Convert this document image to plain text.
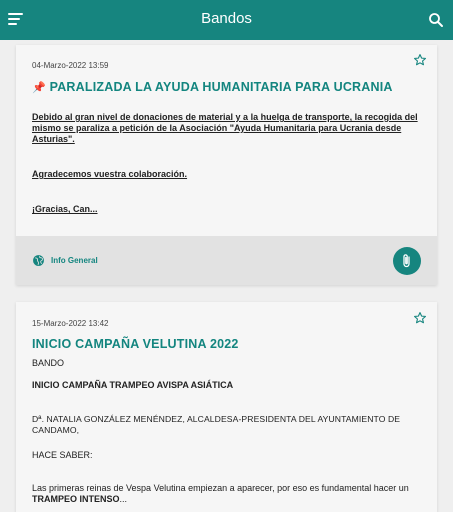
Bandos
04-Marzo-2022 13:59
📌 PARALIZADA LA AYUDA HUMANITARIA PARA UCRANIA
Debido al gran nivel de donaciones de material y a la huelga de transporte, la recogida del mismo se paraliza a petición de la Asociación "Ayuda Humanitaria para Ucrania desde Asturias".
Agradecemos vuestra colaboración.
¡Gracias, Can...
Info General
15-Marzo-2022 13:42
INICIO CAMPAÑA VELUTINA 2022
BANDO
INICIO CAMPAÑA TRAMPEO AVISPA ASIÁTICA
Dª. NATALIA GONZÁLEZ MENÉNDEZ, ALCALDESA-PRESIDENTA DEL AYUNTAMIENTO DE CANDAMO,
HACE SABER:
Las primeras reinas de Vespa Velutina empiezan a aparecer, por eso es fundamental hacer un TRAMPEO INTENSO...
